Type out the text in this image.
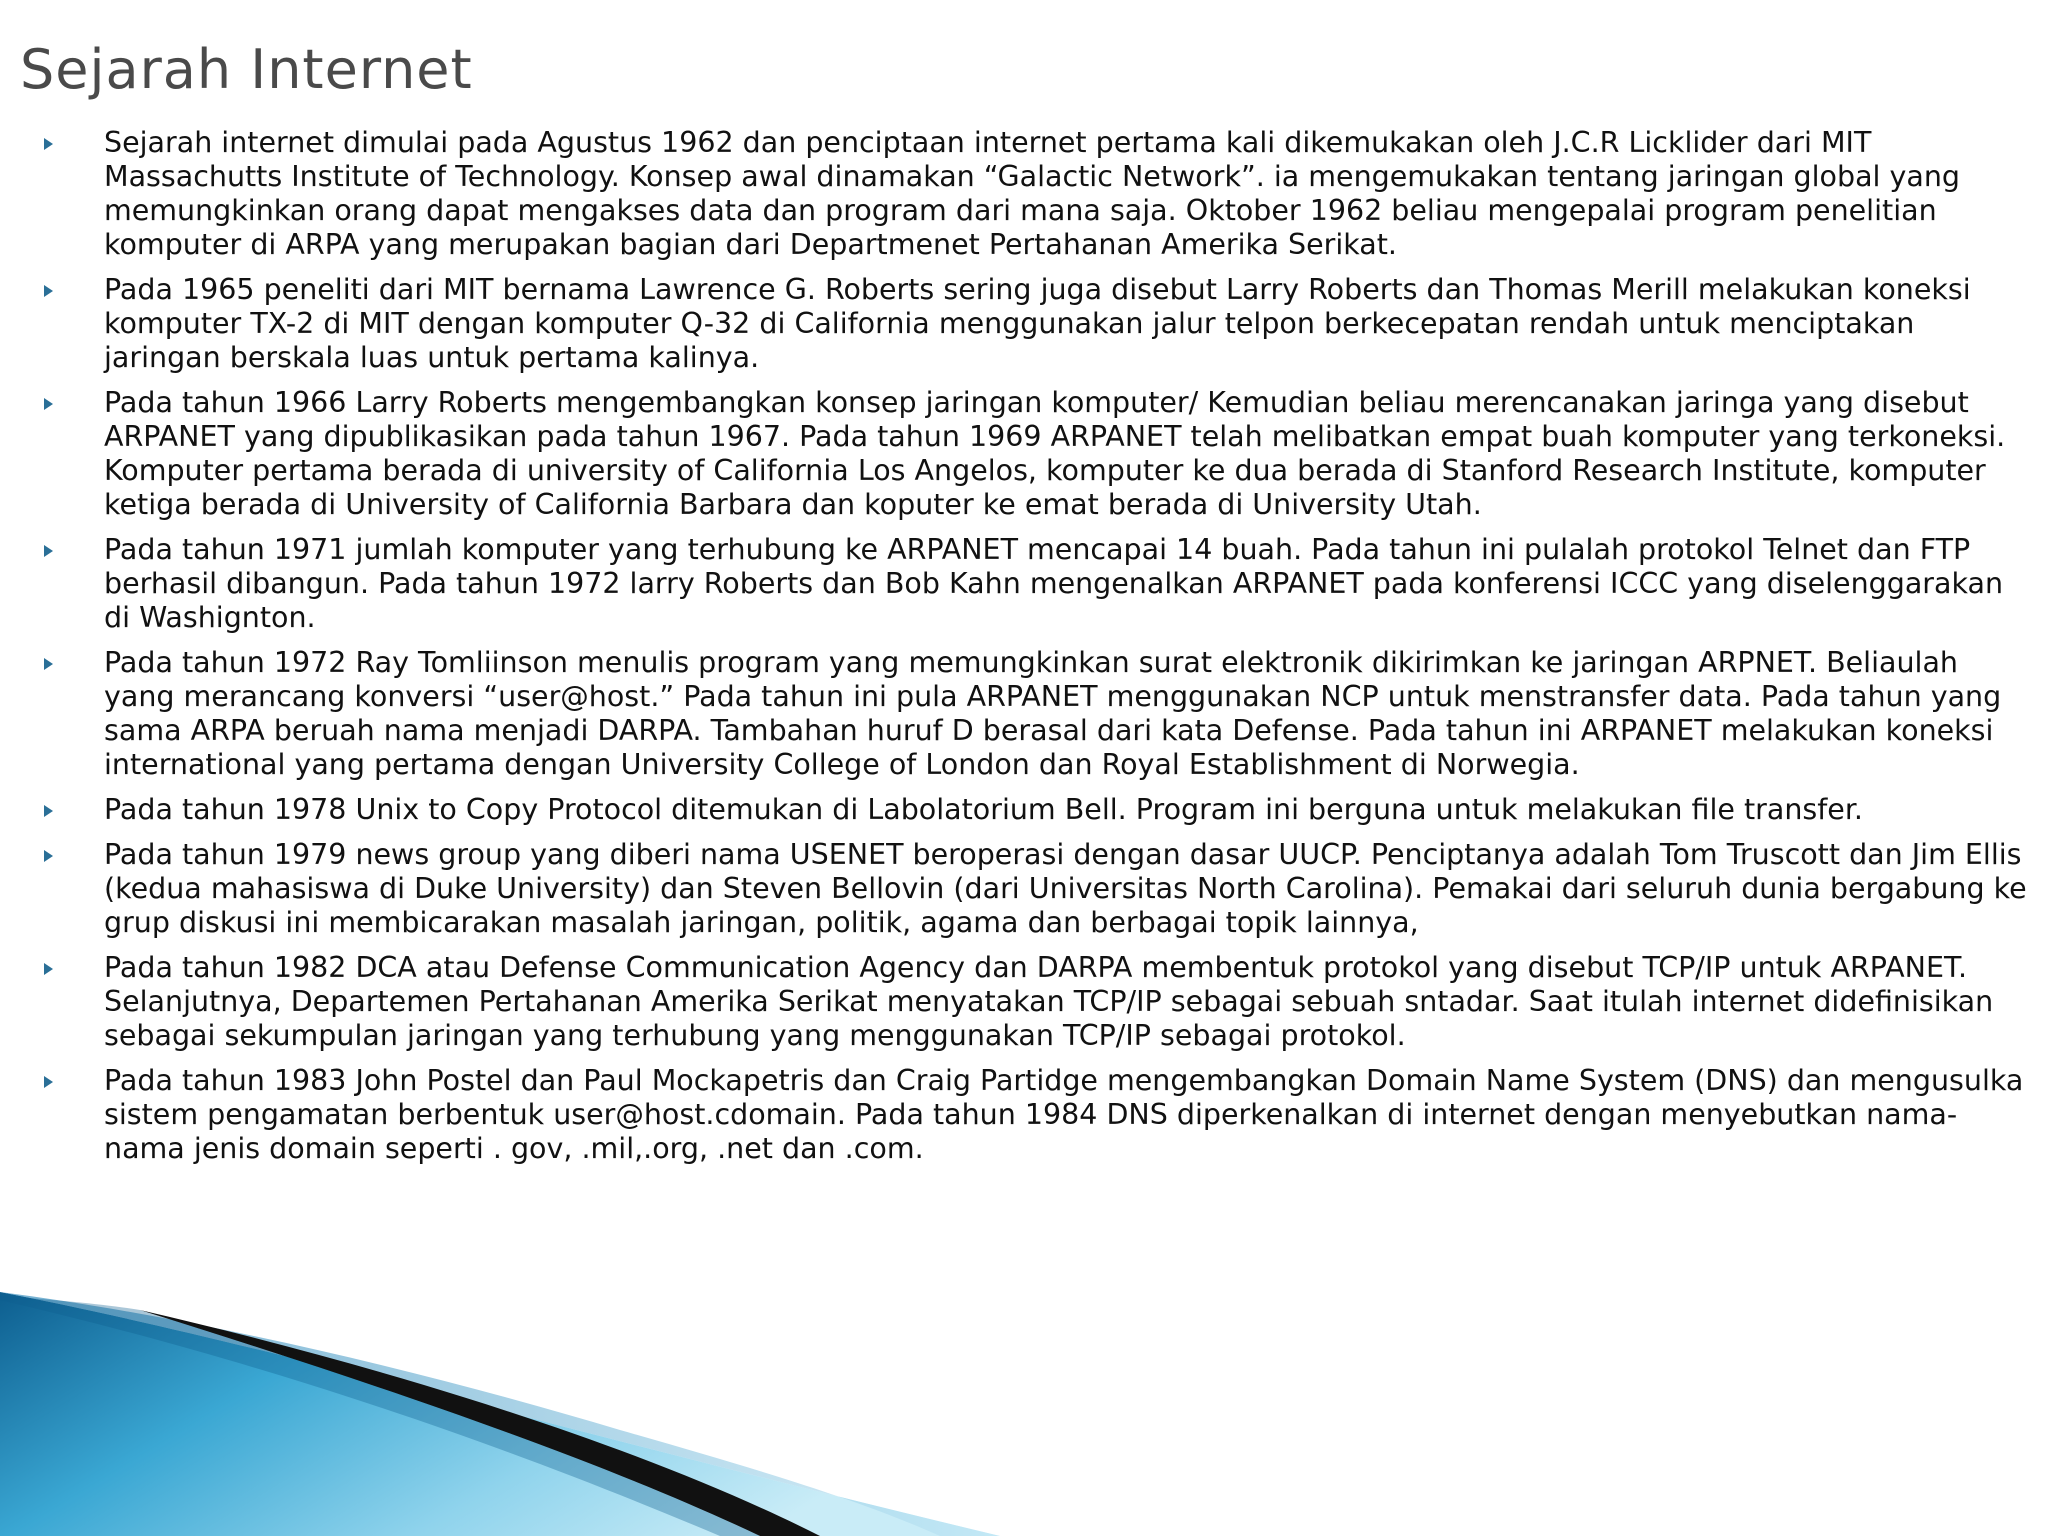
Sejarah Internet
Sejarah internet dimulai pada Agustus 1962 dan penciptaan internet pertama kali dikemukakan oleh J.C.R Licklider dari MIT Massachutts Institute of Technology. Konsep awal dinamakan “Galactic Network”. ia mengemukakan tentang jaringan global yang memungkinkan orang dapat mengakses data dan program dari mana saja. Oktober 1962 beliau mengepalai program penelitian komputer di ARPA yang merupakan bagian dari Departmenet Pertahanan Amerika Serikat.
Pada 1965 peneliti dari MIT bernama Lawrence G. Roberts sering juga disebut Larry Roberts dan Thomas Merill melakukan koneksi komputer TX-2 di MIT dengan komputer Q-32 di California menggunakan jalur telpon berkecepatan rendah untuk menciptakan jaringan berskala luas untuk pertama kalinya.
Pada tahun 1966 Larry Roberts mengembangkan konsep jaringan komputer/ Kemudian beliau merencanakan jaringa yang disebut ARPANET yang dipublikasikan pada tahun 1967. Pada tahun 1969 ARPANET telah melibatkan empat buah komputer yang terkoneksi. Komputer pertama berada di university of California Los Angelos, komputer ke dua berada di Stanford Research Institute, komputer ketiga berada di University of California Barbara dan koputer ke emat berada di University Utah.
Pada tahun 1971 jumlah komputer yang terhubung ke ARPANET mencapai 14 buah. Pada tahun ini pulalah protokol Telnet dan FTP berhasil dibangun. Pada tahun 1972 larry Roberts dan Bob Kahn mengenalkan ARPANET pada konferensi ICCC yang diselenggarakan di Washignton.
Pada tahun 1972 Ray Tomliinson menulis program yang memungkinkan surat elektronik dikirimkan ke jaringan ARPNET. Beliaulah yang merancang konversi “user@host.” Pada tahun ini pula ARPANET menggunakan NCP untuk menstransfer data. Pada tahun yang sama ARPA beruah nama menjadi DARPA. Tambahan huruf D berasal dari kata Defense. Pada tahun ini ARPANET melakukan koneksi international yang pertama dengan University College of London dan Royal Establishment di Norwegia.
Pada tahun 1978 Unix to Copy Protocol ditemukan di Labolatorium Bell. Program ini berguna untuk melakukan file transfer.
Pada tahun 1979 news group yang diberi nama USENET beroperasi dengan dasar UUCP. Penciptanya adalah Tom Truscott dan Jim Ellis (kedua mahasiswa di Duke University) dan Steven Bellovin (dari Universitas North Carolina). Pemakai dari seluruh dunia bergabung ke grup diskusi ini membicarakan masalah jaringan, politik, agama dan berbagai topik lainnya,
Pada tahun 1982 DCA atau Defense Communication Agency dan DARPA membentuk protokol yang disebut TCP/IP untuk ARPANET. Selanjutnya, Departemen Pertahanan Amerika Serikat menyatakan TCP/IP sebagai sebuah sntadar. Saat itulah internet didefinisikan sebagai sekumpulan jaringan yang terhubung yang menggunakan TCP/IP sebagai protokol.
Pada tahun 1983 John Postel dan Paul Mockapetris dan Craig Partidge mengembangkan Domain Name System (DNS) dan mengusulka sistem pengamatan berbentuk user@host.cdomain. Pada tahun 1984 DNS diperkenalkan di internet dengan menyebutkan nama-nama jenis domain seperti . gov, .mil,.org, .net dan .com.
